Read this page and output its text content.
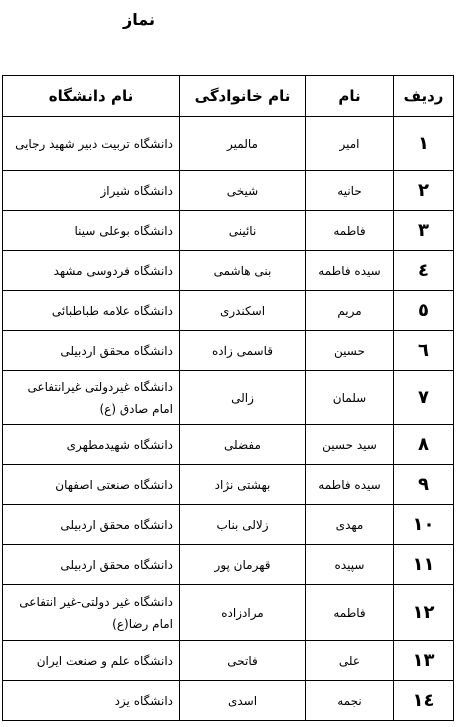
نماز
ردیف	نام	نام خانوادگی	نام دانشگاه
۱	امیر	مالمیر	دانشگاه تربیت دبیر شهید رجایی
۲	حانیه	شیخی	دانشگاه شیراز
۳	فاطمه	نائینی	دانشگاه بوعلی سینا
٤	سیده فاطمه	بنی هاشمی	دانشگاه فردوسی مشهد
٥	مریم	اسکندری	دانشگاه علامه طباطبائی
٦	حسین	قاسمی زاده	دانشگاه محقق اردبیلی
۷	سلمان	زالی	دانشگاه غیردولتی غیرانتفاعی امام صادق (ع)
۸	سید حسین	مفضلی	دانشگاه شهیدمطهری
۹	سیده فاطمه	بهشتی نژاد	دانشگاه صنعتی اصفهان
۱۰	مهدی	زلالی بناب	دانشگاه محقق اردبیلی
۱۱	سپیده	قهرمان پور	دانشگاه محقق اردبیلی
۱۲	فاطمه	مرادزاده	دانشگاه غیر دولتی-غیر انتفاعی امام رضا(ع)
۱۳	علی	فاتحی	دانشگاه علم و صنعت ایران
١٤	نجمه	اسدی	دانشگاه یزد
